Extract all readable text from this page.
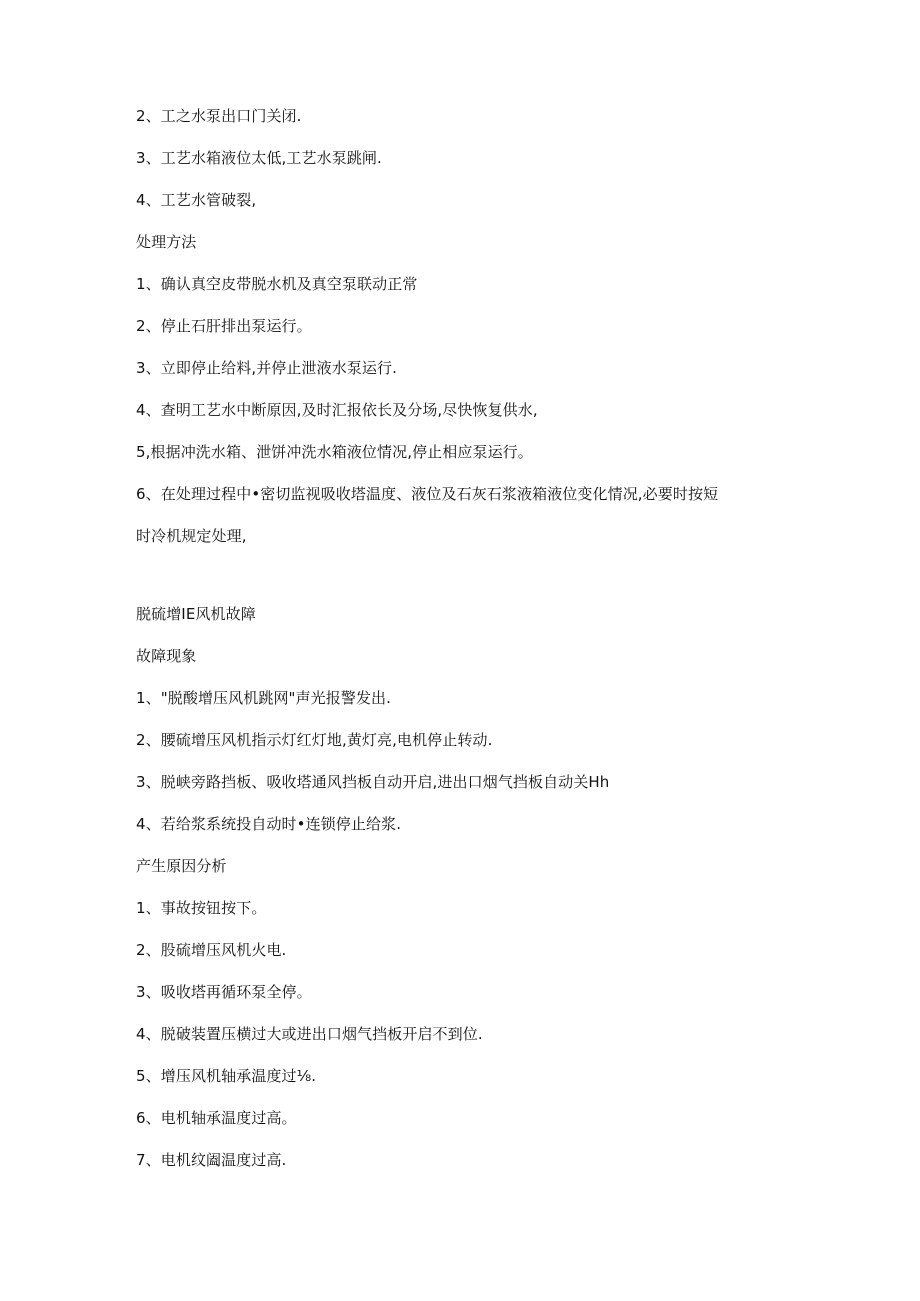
2、工之水泵出口门关闭.
3、工艺水箱液位太低,工艺水泵跳闸.
4、工艺水管破裂,
处理方法
1、确认真空皮带脱水机及真空泵联动正常
2、停止石肝排出泵运行。
3、立即停止给料,并停止泄液水泵运行.
4、查明工艺水中断原因,及时汇报依长及分场,尽快恢复供水,
5,根据冲洗水箱、泄饼冲洗水箱液位情况,停止相应泵运行。
6、在处理过程中•密切监视吸收塔温度、液位及石灰石浆液箱液位变化情况,必要时按短
时冷机规定处理,
脱硫增IE风机故障
故障现象
1、"脱酸增压风机跳网"声光报警发出.
2、腰硫增压风机指示灯红灯地,黄灯亮,电机停止转动.
3、脱峡旁路挡板、吸收塔通风挡板自动开启,进出口烟气挡板自动关Hh
4、若给浆系统投自动时•连锁停止给浆.
产生原因分析
1、事故按钮按下。
2、股硫增压风机火电.
3、吸收塔再循环泵全停。
4、脱破装置压横过大或进出口烟气挡板开启不到位.
5、增压风机轴承温度过⅛.
6、电机轴承温度过高。
7、电机纹阖温度过高.
